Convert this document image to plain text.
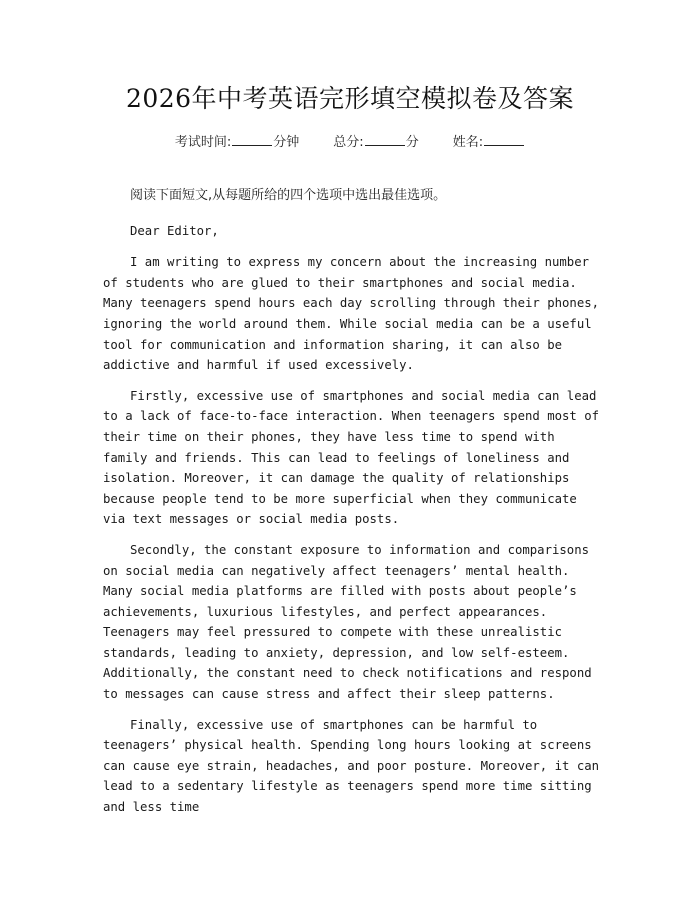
2026年中考英语完形填空模拟卷及答案
考试时间:	分钟	总分:	分	姓名:

阅读下面短文,从每题所给的四个选项中选出最佳选项。

Dear Editor,

I am writing to express my concern about the increasing number of students who are glued to their smartphones and social media. Many teenagers spend hours each day scrolling through their phones, ignoring the world around them. While social media can be a useful tool for communication and information sharing, it can also be addictive and harmful if used excessively.

Firstly, excessive use of smartphones and social media can lead to a lack of face-to-face interaction. When teenagers spend most of their time on their phones, they have less time to spend with family and friends. This can lead to feelings of loneliness and isolation. Moreover, it can damage the quality of relationships because people tend to be more superficial when they communicate via text messages or social media posts.

Secondly, the constant exposure to information and comparisons on social media can negatively affect teenagers’ mental health. Many social media platforms are filled with posts about people’s achievements, luxurious lifestyles, and perfect appearances. Teenagers may feel pressured to compete with these unrealistic standards, leading to anxiety, depression, and low self-esteem. Additionally, the constant need to check notifications and respond to messages can cause stress and affect their sleep patterns.

Finally, excessive use of smartphones can be harmful to teenagers’ physical health. Spending long hours looking at screens can cause eye strain, headaches, and poor posture. Moreover, it can lead to a sedentary lifestyle as teenagers spend more time sitting and less time
